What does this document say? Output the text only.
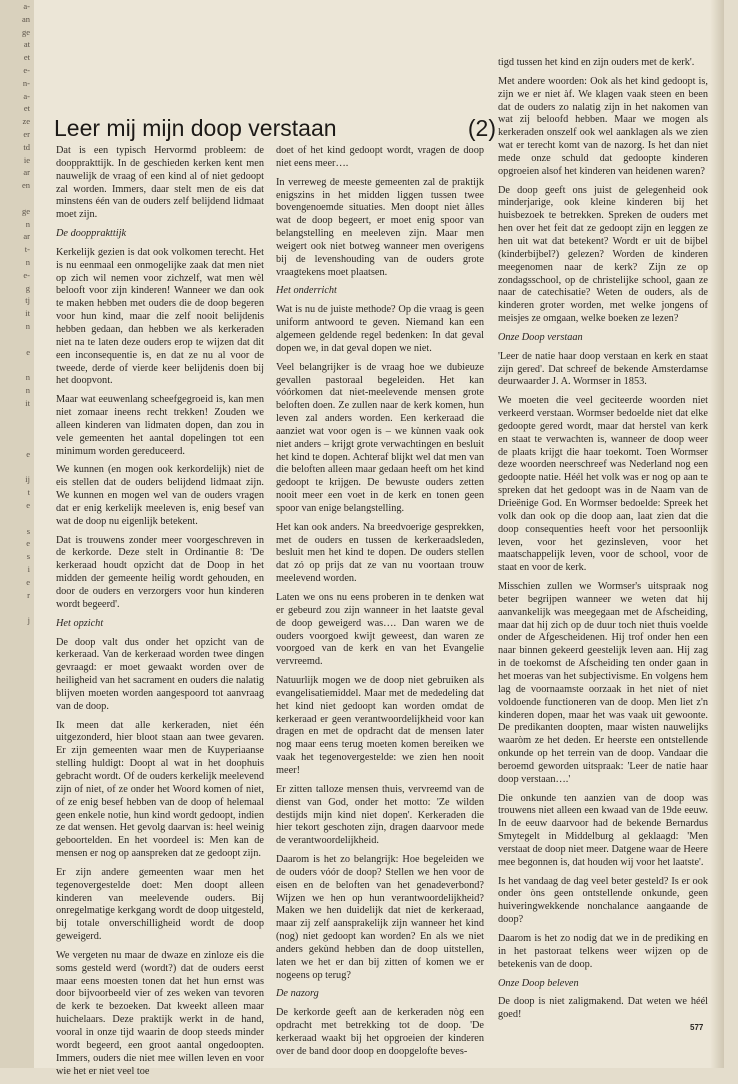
a-
an
ge
at
et
e-
n-
a-
et
ze
er
td
ie
ar
en
ge
n
ar
t-
n
e-
g
tj
it
n
e
n
n
it
e
ij
t
e
s
e
s
i
e
r
j
Leer mij mijn doop verstaan	(2)

Dat is een typisch Hervormd probleem: de doopprakttijk. In de geschieden kerken kent men nauwelijk de vraag of een kind al of niet gedoopt zal worden. Immers, daar stelt men de eis dat minstens één van de ouders zelf belijdend lidmaat moet zijn.

De doopprakttijk

Kerkelijk gezien is dat ook volkomen terecht. Het is nu eenmaal een onmogelijke zaak dat men niet op zich wil nemen voor zichzelf, wat men wèl belooft voor zijn kinderen! Wanneer we dan ook te maken hebben met ouders die de doop begeren voor hun kind, maar die zelf nooit belijdenis hebben gedaan, dan hebben we als kerkeraden niet na te laten deze ouders erop te wijzen dat dit een inconsequentie is, en dat ze nu al voor de tweede, derde of vierde keer belijdenis doen bij het doopvont.

Maar wat eeuwenlang scheefgegroeid is, kan men niet zomaar ineens recht trekken! Zouden we alleen kinderen van lidmaten dopen, dan zou in vele gemeenten het aantal dopelingen tot een minimum worden gereduceerd.

We kunnen (en mogen ook kerkordelijk) niet de eis stellen dat de ouders belijdend lidmaat zijn. We kunnen en mogen wel van de ouders vragen dat er enig kerkelijk meeleven is, enig besef van wat de doop nu eigenlijk betekent.

Dat is trouwens zonder meer voorgeschreven in de kerkorde. Deze stelt in Ordinantie 8: 'De kerkeraad houdt opzicht dat de Doop in het midden der gemeente heilig wordt gehouden, en door de ouders en verzorgers voor hun kinderen wordt begeerd'.

Het opzicht

De doop valt dus onder het opzicht van de kerkeraad. Van de kerkeraad worden twee dingen gevraagd: er moet gewaakt worden over de heiligheid van het sacrament en ouders die nalatig blijven moeten worden aangespoord tot aanvraag van de doop.

Ik meen dat alle kerkeraden, niet één uitgezonderd, hier bloot staan aan twee gevaren. Er zijn gemeenten waar men de Kuyperiaanse stelling huldigt: Doopt al wat in het doophuis gebracht wordt. Of de ouders kerkelijk meelevend zijn of niet, of ze onder het Woord komen of niet, of ze enig besef hebben van de doop of helemaal geen enkele notie, hun kind wordt gedoopt, indien ze dat wensen. Het gevolg daarvan is: heel weinig geboortelden. En het voordeel is: Men kan de mensen er nog op aanspreken dat ze gedoopt zijn.

Er zijn andere gemeenten waar men het tegenovergestelde doet: Men doopt alleen kinderen van meelevende ouders. Bij onregelmatige kerkgang wordt de doop uitgesteld, bij totale onverschilligheid wordt de doop geweigerd.

We vergeten nu maar de dwaze en zinloze eis die soms gesteld werd (wordt?) dat de ouders eerst maar eens moesten tonen dat het hun ernst was door bijvoorbeeld vier of zes weken van tevoren de kerk te bezoeken. Dat kweekt alleen maar huichelaars. Deze praktijk werkt in de hand, vooral in onze tijd waarin de doop steeds minder wordt begeerd, een groot aantal ongedoopten. Immers, ouders die niet mee willen leven en voor wie het er niet veel toe

doet of het kind gedoopt wordt, vragen de doop niet eens meer….

In verreweg de meeste gemeenten zal de praktijk enigszins in het midden liggen tussen twee bovengenoemde situaties. Men doopt niet àlles wat de doop begeert, er moet enig spoor van belangstelling en meeleven zijn. Maar men weigert ook niet botweg wanneer men overigens bij de levenshouding van de ouders grote vraagtekens moet plaatsen.

Het onderricht

Wat is nu de juiste methode? Op die vraag is geen uniform antwoord te geven. Niemand kan een algemeen geldende regel bedenken: In dat geval dopen we, in dat geval dopen we niet.

Veel belangrijker is de vraag hoe we dubieuze gevallen pastoraal begeleiden. Het kan vóórkomen dat niet-meelevende mensen grote beloften doen. Ze zullen naar de kerk komen, hun leven zal anders worden. Een kerkeraad die aanziet wat voor ogen is – we kùnnen vaak ook niet anders – krijgt grote verwachtingen en besluit het kind te dopen. Achteraf blijkt wel dat men van die beloften alleen maar gedaan heeft om het kind gedoopt te krijgen. De bewuste ouders zetten nooit meer een voet in de kerk en tonen geen spoor van enige belangstelling.

Het kan ook anders. Na breedvoerige gesprekken, met de ouders en tussen de kerkeraadsleden, besluit men het kind te dopen. De ouders stellen dat zó op prijs dat ze van nu voortaan trouw meelevend worden.

Laten we ons nu eens proberen in te denken wat er gebeurd zou zijn wanneer in het laatste geval de doop geweigerd was…. Dan waren we de ouders voorgoed kwijt geweest, dan waren ze voorgoed van de kerk en van het Evangelie vervreemd.

Natuurlijk mogen we de doop niet gebruiken als evangelisatiemiddel. Maar met de mededeling dat het kind niet gedoopt kan worden omdat de kerkeraad er geen verantwoordelijkheid voor kan dragen en met de opdracht dat de mensen later nog maar eens terug moeten komen bereiken we vaak het tegenovergestelde: we zien hen nooit meer!

Er zitten talloze mensen thuis, vervreemd van de dienst van God, onder het motto: 'Ze wilden destijds mijn kind niet dopen'. Kerkeraden die hier tekort geschoten zijn, dragen daarvoor mede de verantwoordelijkheid.

Daarom is het zo belangrijk: Hoe begeleiden we de ouders vóór de doop? Stellen we hen voor de eisen en de beloften van het genadeverbond? Wijzen we hen op hun verantwoordelijkheid? Maken we hen duidelijk dat niet de kerkeraad, maar zij zelf aansprakelijk zijn wanneer het kind (nog) niet gedoopt kan worden? En als we niet anders gekùnd hebben dan de doop uitstellen, laten we het er dan bij zitten of komen we er nogeens op terug?

De nazorg

De kerkorde geeft aan de kerkeraden nòg een opdracht met betrekking tot de doop. 'De kerkeraad waakt bij het opgroeien der kinderen over de band door doop en doopgelofte beves-

tigd tussen het kind en zijn ouders met de kerk'.

Met andere woorden: Ook als het kind gedoopt is, zijn we er niet àf. We klagen vaak steen en been dat de ouders zo nalatig zijn in het nakomen van wat zij beloofd hebben. Maar we mogen als kerkeraden onszelf ook wel aanklagen als we zien wat er terecht komt van de nazorg. Is het dan niet mede onze schuld dat gedoopte kinderen opgroeien alsof het kinderen van heidenen waren?

De doop geeft ons juist de gelegenheid ook minderjarige, ook kleine kinderen bij het huisbezoek te betrekken. Spreken de ouders met hen over het feit dat ze gedoopt zijn en leggen ze hen uit wat dat betekent? Wordt er uit de bijbel (kinderbijbel?) gelezen? Worden de kinderen meegenomen naar de kerk? Zijn ze op zondagsschool, op de christelijke school, gaan ze naar de catechisatie? Weten de ouders, als de kinderen groter worden, met welke jongens of meisjes ze omgaan, welke boeken ze lezen?

Onze Doop verstaan

'Leer de natie haar doop verstaan en kerk en staat zijn gered'. Dat schreef de bekende Amsterdamse deurwaarder J. A. Wormser in 1853.

We moeten die veel geciteerde woorden niet verkeerd verstaan. Wormser bedoelde niet dat elke gedoopte gered wordt, maar dat herstel van kerk en staat te verwachten is, wanneer de doop weer de plaats krijgt die haar toekomt. Toen Wormser deze woorden neerschreef was Nederland nog een gedoopte natie. Héél het volk was er nog op aan te spreken dat het gedoopt was in de Naam van de Drieënige God. En Wormser bedoelde: Spreek het volk dan ook op die doop aan, laat zien dat die doop consequenties heeft voor het persoonlijk leven, voor het gezinsleven, voor het maatschappelijk leven, voor de school, voor de staat en voor de kerk.

Misschien zullen we Wormser's uitspraak nog beter begrijpen wanneer we weten dat hij aanvankelijk was meegegaan met de Afscheiding, maar dat hij zich op de duur toch niet thuis voelde onder de Afgescheidenen. Hij trof onder hen een naar binnen gekeerd geestelijk leven aan. Hij zag in de toekomst de Afscheiding ten onder gaan in het moeras van het subjectivisme. En volgens hem lag de voornaamste oorzaak in het niet of niet voldoende functioneren van de doop. Men liet z'n kinderen dopen, maar het was vaak uit gewoonte. De predikanten doopten, maar wisten nauwelijks waaròm ze het deden. Er heerste een ontstellende onkunde op het terrein van de doop. Vandaar die beroemd geworden uitspraak: 'Leer de natie haar doop verstaan….'

Die onkunde ten aanzien van de doop was trouwens niet alleen een kwaad van de 19de eeuw. In de eeuw daarvoor had de bekende Bernardus Smytegelt in Middelburg al geklaagd: 'Men verstaat de doop niet meer. Datgene waar de Heere mee begonnen is, dat houden wij voor het laatste'.

Is het vandaag de dag veel beter gesteld? Is er ook onder òns geen ontstellende onkunde, geen huiveringwekkende nonchalance aangaande de doop?

Daarom is het zo nodig dat we in de prediking en in het pastoraat telkens weer wijzen op de betekenis van de doop.

Onze Doop beleven

De doop is niet zaligmakend. Dat weten we héél goed!

577
